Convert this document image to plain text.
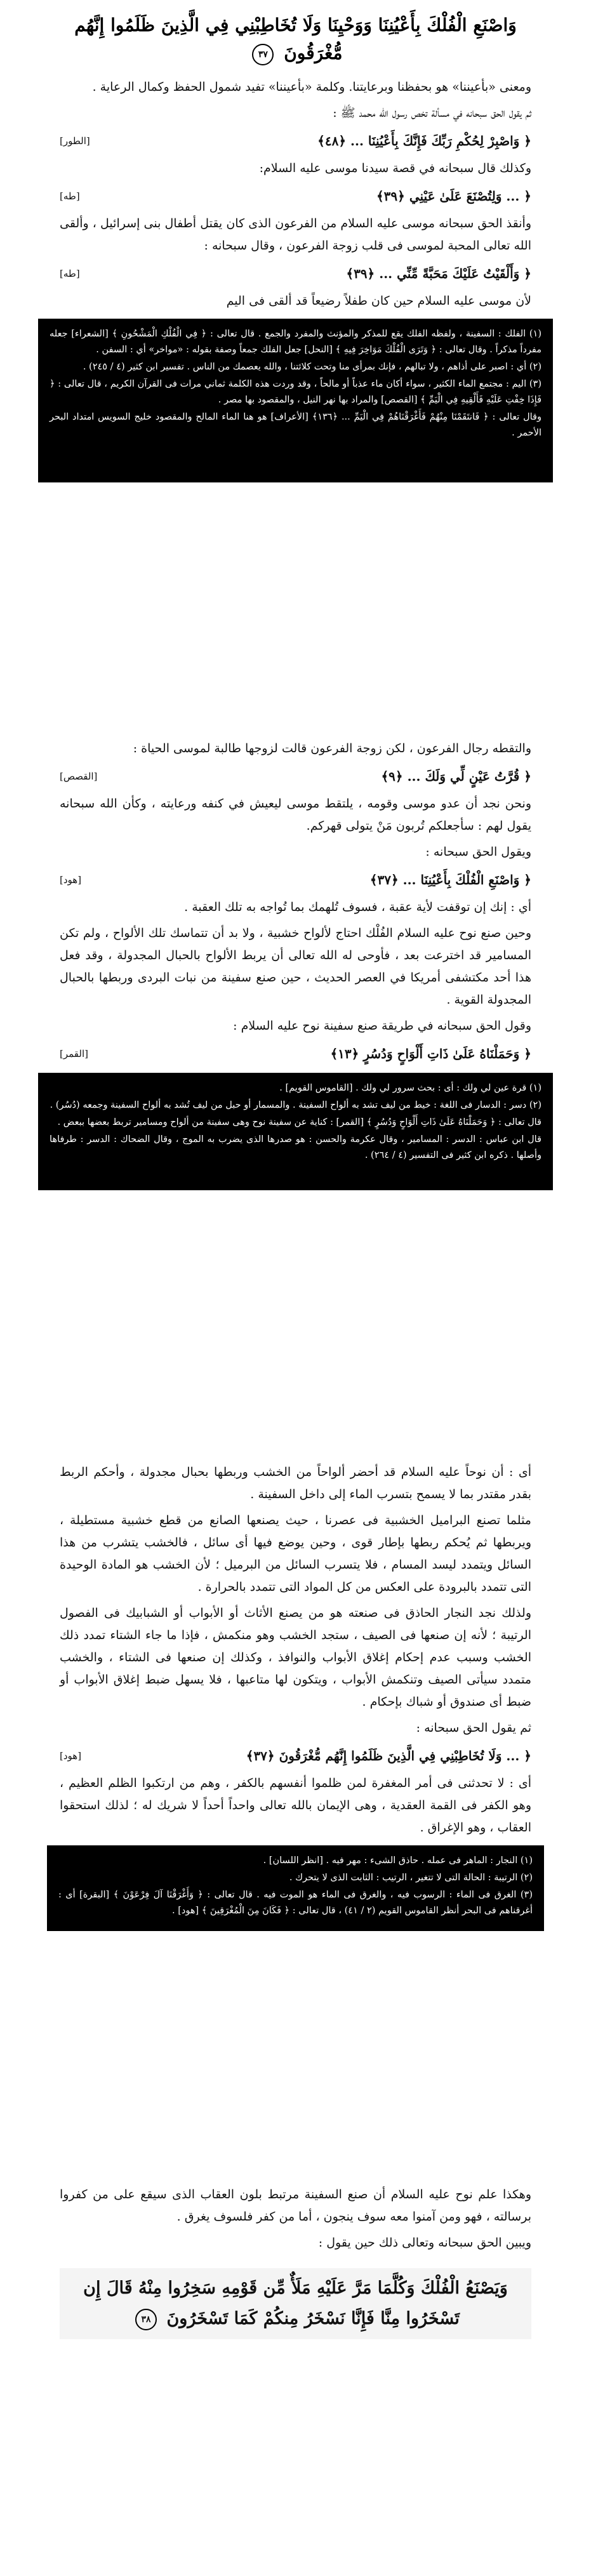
وَاصْنَعِ الْفُلْكَ بِأَعْيُنِنَا وَوَحْيِنَا وَلَا تُخَاطِبْنِي فِي الَّذِينَ ظَلَمُوا إِنَّهُم مُّغْرَقُونَ ٣٧

ومعنى «بأعيننا» هو بحفظنا وبرعايتنا. وكلمة «بأعيننا» تفيد شمول الحفظ وكمال الرعاية .

ثم يقول الحق سبحانه في مسألة تخص رسول الله محمد ﷺ :

﴿ وَاصْبِرْ لِحُكْمِ رَبِّكَ فَإِنَّكَ بِأَعْيُنِنَا ... ﴿٤٨﴾
[الطور]

وكذلك قال سبحانه في قصة سيدنا موسى عليه السلام:

﴿ ... وَلِتُصْنَعَ عَلَىٰ عَيْنِي ﴿٣٩﴾
[طه]

وأنقذ الحق سبحانه موسى عليه السلام من الفرعون الذى كان يقتل أطفال بنى إسرائيل ، وألقى الله تعالى المحبة لموسى فى قلب زوجة الفرعون ، وقال سبحانه :

﴿ وَأَلْقَيْتُ عَلَيْكَ مَحَبَّةً مِّنِّي ... ﴿٣٩﴾
[طه]

لأن موسى عليه السلام حين كان طفلاً رضيعاً قد ألقى فى اليم

(١) الفلك : السفينة ، ولفظه الفلك يقع للمذكر والمؤنث والمفرد والجمع . قال تعالى : ﴿ فِي الْفُلْكِ الْمَشْحُونِ ﴾ [الشعراء] جعله مفرداً مذكراً . وقال تعالى : ﴿ وَتَرَى الْفُلْكَ مَوَاخِرَ فِيهِ ﴾ [النحل] جعل الفلك جمعاً وصفة بقوله : «مواخر» أي : السفن .

(٢) أي : اصبر على أذاهم ، ولا تبالهم ، فإنك بمرأى منا وتحت كلائتنا ، والله يعصمك من الناس . تفسير ابن كثير (٤ / ٢٤٥) .

(٣) اليم : مجتمع الماء الكثير ، سواء أكان ماء عذباً أو مالحاً ، وقد وردت هذه الكلمة ثماني مرات فى القرآن الكريم ، قال تعالى : ﴿ فَإِذَا خِفْتِ عَلَيْهِ فَأَلْقِيهِ فِي الْيَمِّ ﴾ [القصص] والمراد بها نهر النيل ، والمقصود بها مصر .

وقال تعالى : ﴿ فَانتَقَمْنَا مِنْهُمْ فَأَغْرَقْنَاهُمْ فِي الْيَمِّ ... ﴿١٣٦﴾ [الأعراف] هو هنا الماء المالح والمقصود خليج السويس امتداد البحر الأحمر .

والتقطه رجال الفرعون ، لكن زوجة الفرعون قالت لزوجها طالبة لموسى الحياة :

﴿ قُرَّتُ عَيْنٍ لِّي وَلَكَ ... ﴿٩﴾
[القصص]

ونحن نجد أن عدو موسى وقومه ، يلتقط موسى ليعيش في كنفه ورعايته ، وكأن الله سبحانه يقول لهم : سأجعلكم تُربون مَنْ يتولى قهركم.

ويقول الحق سبحانه :

﴿ وَاصْنَعِ الْفُلْكَ بِأَعْيُنِنَا ... ﴿٣٧﴾
[هود]

أي : إنك إن توقفت لأية عقبة ، فسوف تُلهمك بما تُواجه به تلك العقبة .

وحين صنع نوح عليه السلام الفُلْك احتاج لألواح خشبية ، ولا بد أن تتماسك تلك الألواح ، ولم تكن المسامير قد اخترعت بعد ، فأوحى له الله تعالى أن يربط الألواح بالحبال المجدولة ، وقد فعل هذا أحد مكتشفى أمريكا في العصر الحديث ، حين صنع سفينة من نبات البردى وربطها بالحبال المجدولة القوية .

وقول الحق سبحانه في طريقة صنع سفينة نوح عليه السلام :

﴿ وَحَمَلْنَاهُ عَلَىٰ ذَاتِ أَلْوَاحٍ وَدُسُرٍ ﴿١٣﴾
[القمر]

(١) قرة عين لي ولك : أى : بحث سرور لي ولك . [القاموس القويم] .

(٢) دسر : الدسار فى اللغة : خيط من ليف تشد به ألواح السفينة . والمسمار أو حبل من ليف تُشد به ألواح السفينة وجمعه (دُسُر) .

قال تعالى : ﴿ وَحَمَلْنَاهُ عَلَىٰ ذَاتِ أَلْوَاحٍ وَدُسُرٍ ﴾ [القمر] : كناية عن سفينة نوح وهى سفينة من ألواح ومسامير تربط بعضها ببعض .

قال ابن عباس : الدسر : المسامير ، وقال عكرمة والحسن : هو صدرها الذى يضرب به الموج ، وقال الضحاك : الدسر : طرفاها وأصلها . ذكره ابن كثير فى التفسير (٤ / ٢٦٤) .

أى : أن نوحاً عليه السلام قد أحضر ألواحاً من الخشب وربطها بحبال مجدولة ، وأحكم الربط بقدر مقتدر بما لا يسمح بتسرب الماء إلى داخل السفينة .

مثلما تصنع البراميل الخشبية فى عصرنا ، حيث يصنعها الصانع من قطع خشبية مستطيلة ، ويربطها ثم يُحكم ربطها بإطار قوى ، وحين يوضع فيها أى سائل ، فالخشب يتشرب من هذا السائل ويتمدد ليسد المسام ، فلا يتسرب السائل من البرميل ؛ لأن الخشب هو المادة الوحيدة التى تتمدد بالبرودة على العكس من كل المواد التى تتمدد بالحرارة .

ولذلك نجد النجار الحاذق فى صنعته هو من يصنع الأثاث أو الأبواب أو الشبابيك فى الفصول الرتيبة ؛ لأنه إن صنعها فى الصيف ، ستجد الخشب وهو منكمش ، فإذا ما جاء الشتاء تمدد ذلك الخشب وسبب عدم إحكام إغلاق الأبواب والنوافذ ، وكذلك إن صنعها فى الشتاء ، والخشب متمدد سيأتى الصيف وتنكمش الأبواب ، ويتكون لها متاعبها ، فلا يسهل ضبط إغلاق الأبواب أو ضبط أى صندوق أو شباك بإحكام .

ثم يقول الحق سبحانه :

﴿ ... وَلَا تُخَاطِبْنِي فِي الَّذِينَ ظَلَمُوا إِنَّهُم مُّغْرَقُونَ ﴿٣٧﴾
[هود]

أى : لا تحدثنى فى أمر المغفرة لمن ظلموا أنفسهم بالكفر ، وهم من ارتكبوا الظلم العظيم ، وهو الكفر فى القمة العقدية ، وهى الإيمان بالله تعالى واحداً أحداً لا شريك له ؛ لذلك استحقوا العقاب ، وهو الإغراق .

(١) النجار : الماهر فى عمله . حاذق الشىء : مهر فيه . [انظر اللسان] .

(٢) الرتيبة : الحالة التى لا تتغير ، الرتيب : الثابت الذى لا يتحرك .

(٣) الغرق فى الماء : الرسوب فيه ، والغرق فى الماء هو الموت فيه . قال تعالى : ﴿ وَأَغْرَقْنَا آلَ فِرْعَوْنَ ﴾ [البقرة] أى : أغرقناهم فى البحر أنظر القاموس القويم (٢ / ٤١) ، قال تعالى : ﴿ فَكَانَ مِنَ الْمُغْرَقِينَ ﴾ [هود] .

وهكذا علم نوح عليه السلام أن صنع السفينة مرتبط بلون العقاب الذى سيقع على من كفروا برسالته ، فهو ومن آمنوا معه سوف ينجون ، أما من كفر فلسوف يغرق .

ويبين الحق سبحانه وتعالى ذلك حين يقول :

وَيَصْنَعُ الْفُلْكَ وَكُلَّمَا مَرَّ عَلَيْهِ مَلَأٌ مِّن قَوْمِهِ سَخِرُوا مِنْهُ قَالَ إِن تَسْخَرُوا مِنَّا فَإِنَّا نَسْخَرُ مِنكُمْ كَمَا تَسْخَرُونَ ٣٨
